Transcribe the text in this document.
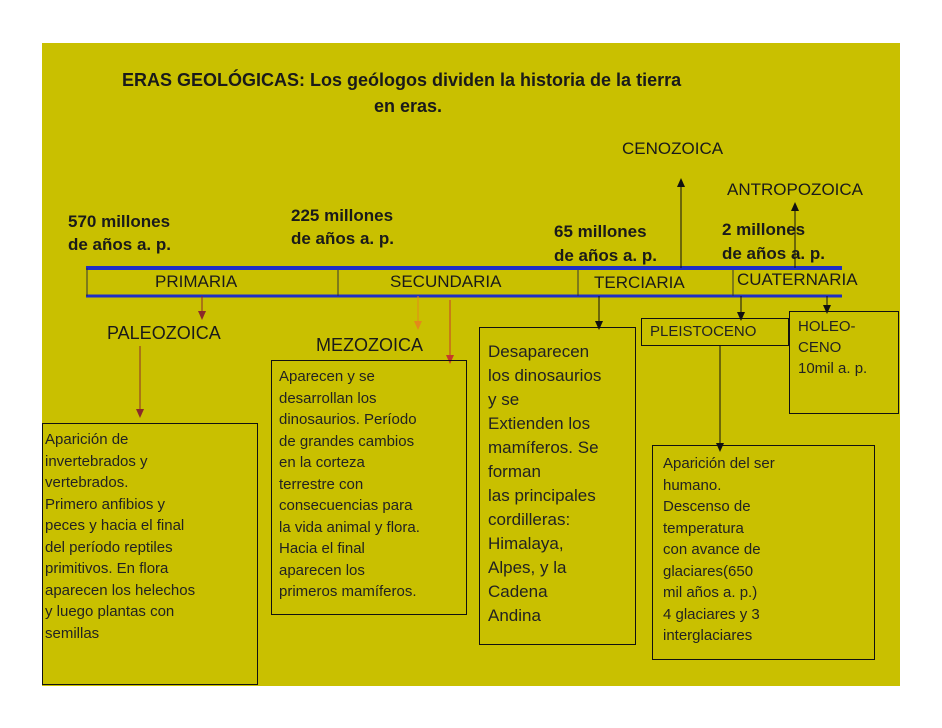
ERAS GEOLÓGICAS: Los geólogos dividen la historia de la tierra
en eras.
CENOZOICA
ANTROPOZOICA
PALEOZOICA
MEZOZOICA
570 millones
de años a. p.
225 millones
de años a. p.	65 millones
de años a. p.
2 millones
de años a. p.
PRIMARIA	SECUNDARIA	TERCIARIA	CUATERNARIA
Aparición de
invertebrados y
vertebrados.
Primero anfibios y
peces y hacia el final
del período reptiles
primitivos. En flora
aparecen los helechos
y luego plantas con
semillas
Aparecen y se
desarrollan los
dinosaurios. Período
de grandes cambios
en la corteza
terrestre con
consecuencias para
la vida animal y flora.
Hacia el final
aparecen los
primeros mamíferos.
Desaparecen
los dinosaurios
y se
Extienden los
mamíferos. Se
forman
las principales
cordilleras:
Himalaya,
Alpes, y la
Cadena
Andina
PLEISTOCENO	HOLEO-
CENO
10mil a. p.
Aparición del ser
humano.
Descenso de
temperatura
con avance de
glaciares(650
mil años a. p.)
4 glaciares y 3
interglaciares
